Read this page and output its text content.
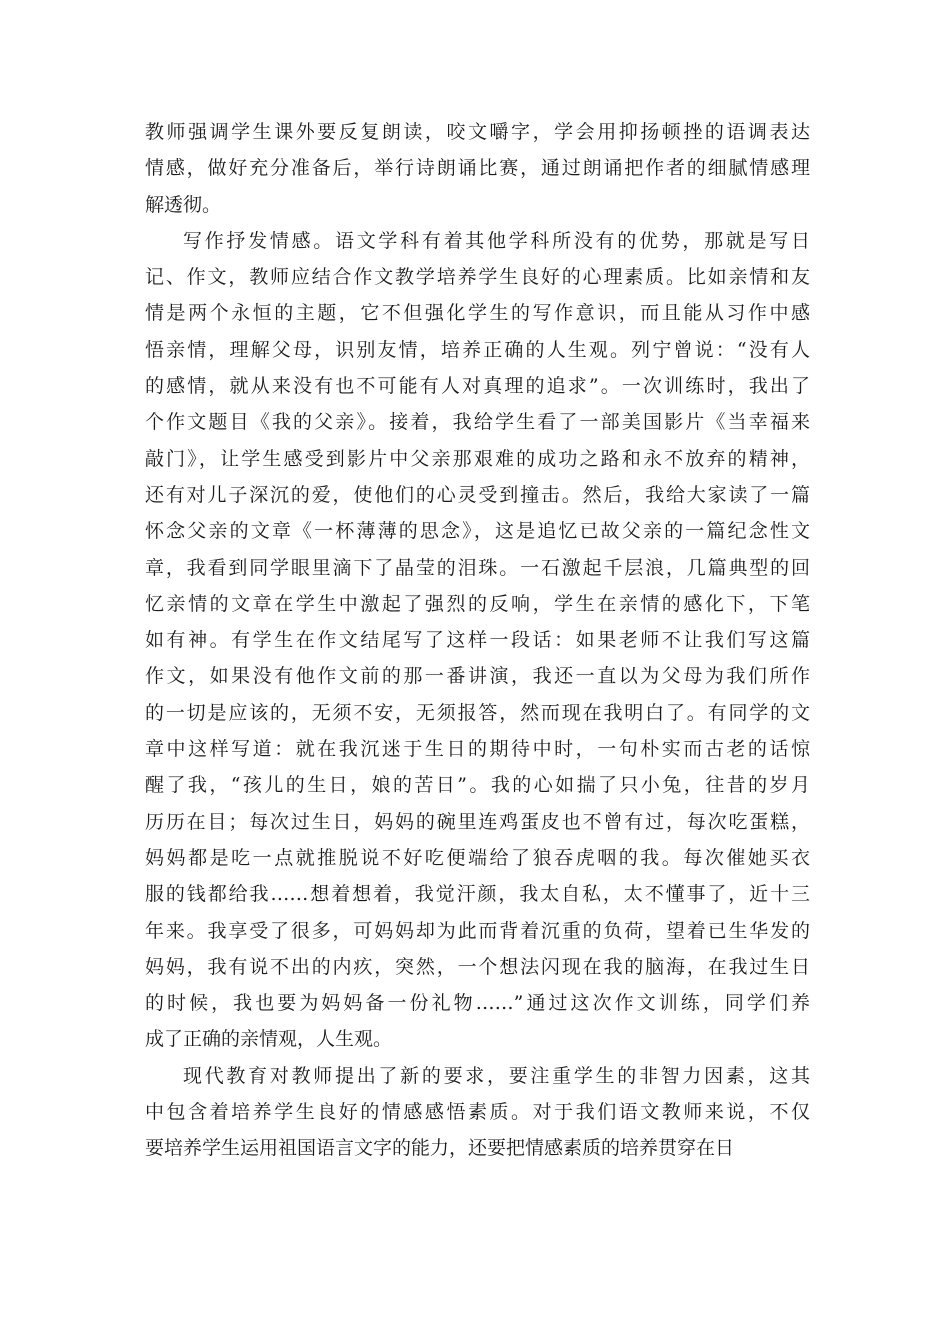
教师强调学生课外要反复朗读，咬文嚼字，学会用抑扬顿挫的语调表达
情感，做好充分准备后，举行诗朗诵比赛，通过朗诵把作者的细腻情感理
解透彻。
写作抒发情感。语文学科有着其他学科所没有的优势，那就是写日
记、作文，教师应结合作文教学培养学生良好的心理素质。比如亲情和友
情是两个永恒的主题，它不但强化学生的写作意识，而且能从习作中感
悟亲情，理解父母，识别友情，培养正确的人生观。列宁曾说：“没有人
的感情，就从来没有也不可能有人对真理的追求”。一次训练时，我出了
个作文题目《我的父亲》。接着，我给学生看了一部美国影片《当幸福来
敲门》，让学生感受到影片中父亲那艰难的成功之路和永不放弃的精神，
还有对儿子深沉的爱，使他们的心灵受到撞击。然后，我给大家读了一篇
怀念父亲的文章《一杯薄薄的思念》，这是追忆已故父亲的一篇纪念性文
章，我看到同学眼里滴下了晶莹的泪珠。一石激起千层浪，几篇典型的回
忆亲情的文章在学生中激起了强烈的反响，学生在亲情的感化下，下笔
如有神。有学生在作文结尾写了这样一段话：如果老师不让我们写这篇
作文，如果没有他作文前的那一番讲演，我还一直以为父母为我们所作
的一切是应该的，无须不安，无须报答，然而现在我明白了。有同学的文
章中这样写道：就在我沉迷于生日的期待中时，一句朴实而古老的话惊
醒了我，“孩儿的生日，娘的苦日”。我的心如揣了只小兔，往昔的岁月
历历在目；每次过生日，妈妈的碗里连鸡蛋皮也不曾有过，每次吃蛋糕，
妈妈都是吃一点就推脱说不好吃便端给了狼吞虎咽的我。每次催她买衣
服的钱都给我……想着想着，我觉汗颜，我太自私，太不懂事了，近十三
年来。我享受了很多，可妈妈却为此而背着沉重的负荷，望着已生华发的
妈妈，我有说不出的内疚，突然，一个想法闪现在我的脑海，在我过生日
的时候，我也要为妈妈备一份礼物……”通过这次作文训练，同学们养
成了正确的亲情观，人生观。
现代教育对教师提出了新的要求，要注重学生的非智力因素，这其
中包含着培养学生良好的情感感悟素质。对于我们语文教师来说，不仅
要培养学生运用祖国语言文字的能力，还要把情感素质的培养贯穿在日
